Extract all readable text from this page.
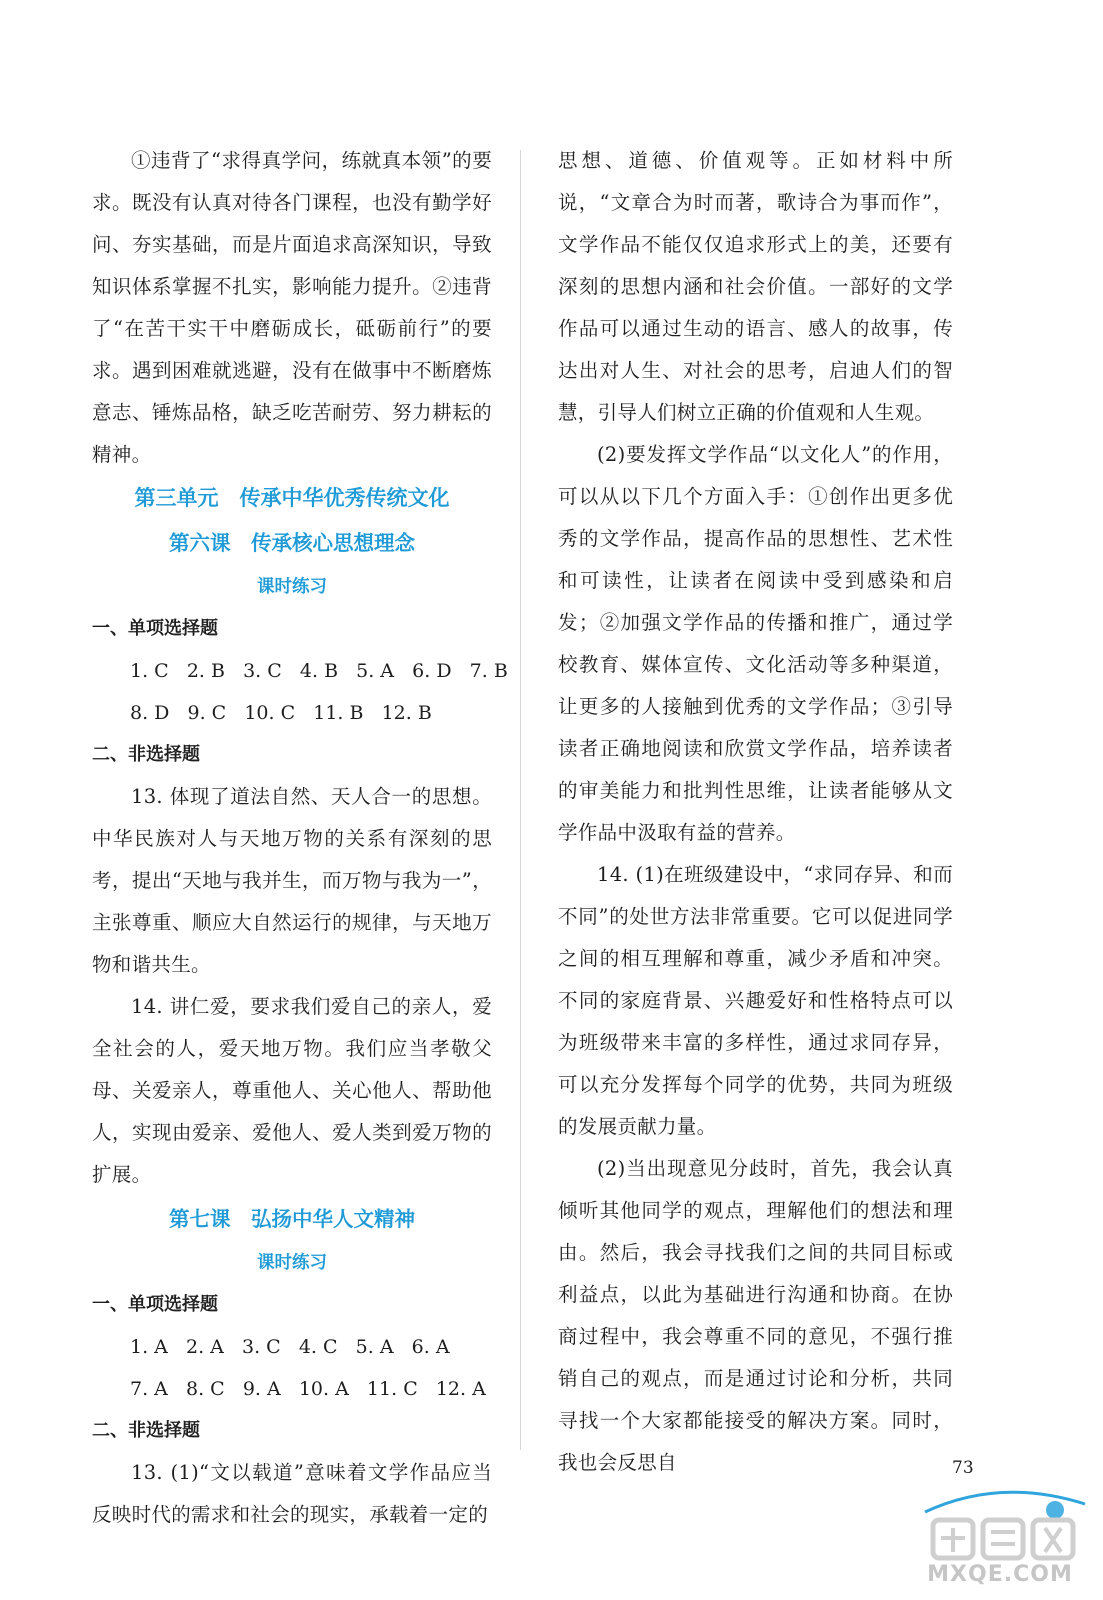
①违背了“求得真学问，练就真本领”的要求。既没有认真对待各门课程，也没有勤学好问、夯实基础，而是片面追求高深知识，导致知识体系掌握不扎实，影响能力提升。②违背了“在苦干实干中磨砺成长，砥砺前行”的要求。遇到困难就逃避，没有在做事中不断磨炼意志、锤炼品格，缺乏吃苦耐劳、努力耕耘的精神。

第三单元　传承中华优秀传统文化

第六课　传承核心思想理念

课时练习

一、单项选择题

1. C   2. B   3. C   4. B   5. A   6. D   7. B

8. D   9. C   10. C   11. B   12. B

二、非选择题

13. 体现了道法自然、天人合一的思想。中华民族对人与天地万物的关系有深刻的思考，提出“天地与我并生，而万物与我为一”，主张尊重、顺应大自然运行的规律，与天地万物和谐共生。

14. 讲仁爱，要求我们爱自己的亲人，爱全社会的人，爱天地万物。我们应当孝敬父母、关爱亲人，尊重他人、关心他人、帮助他人，实现由爱亲、爱他人、爱人类到爱万物的扩展。

第七课　弘扬中华人文精神

课时练习

一、单项选择题

1. A   2. A   3. C   4. C   5. A   6. A

7. A   8. C   9. A   10. A   11. C   12. A

二、非选择题

13. (1)“文以载道”意味着文学作品应当反映时代的需求和社会的现实，承载着一定的

思想、道德、价值观等。正如材料中所说，“文章合为时而著，歌诗合为事而作”，文学作品不能仅仅追求形式上的美，还要有深刻的思想内涵和社会价值。一部好的文学作品可以通过生动的语言、感人的故事，传达出对人生、对社会的思考，启迪人们的智慧，引导人们树立正确的价值观和人生观。

(2)要发挥文学作品“以文化人”的作用，可以从以下几个方面入手：①创作出更多优秀的文学作品，提高作品的思想性、艺术性和可读性，让读者在阅读中受到感染和启发；②加强文学作品的传播和推广，通过学校教育、媒体宣传、文化活动等多种渠道，让更多的人接触到优秀的文学作品；③引导读者正确地阅读和欣赏文学作品，培养读者的审美能力和批判性思维，让读者能够从文学作品中汲取有益的营养。

14. (1)在班级建设中，“求同存异、和而不同”的处世方法非常重要。它可以促进同学之间的相互理解和尊重，减少矛盾和冲突。不同的家庭背景、兴趣爱好和性格特点可以为班级带来丰富的多样性，通过求同存异，可以充分发挥每个同学的优势，共同为班级的发展贡献力量。

(2)当出现意见分歧时，首先，我会认真倾听其他同学的观点，理解他们的想法和理由。然后，我会寻找我们之间的共同目标或利益点，以此为基础进行沟通和协商。在协商过程中，我会尊重不同的意见，不强行推销自己的观点，而是通过讨论和分析，共同寻找一个大家都能接受的解决方案。同时，我也会反思自	73
MXQE.COM
